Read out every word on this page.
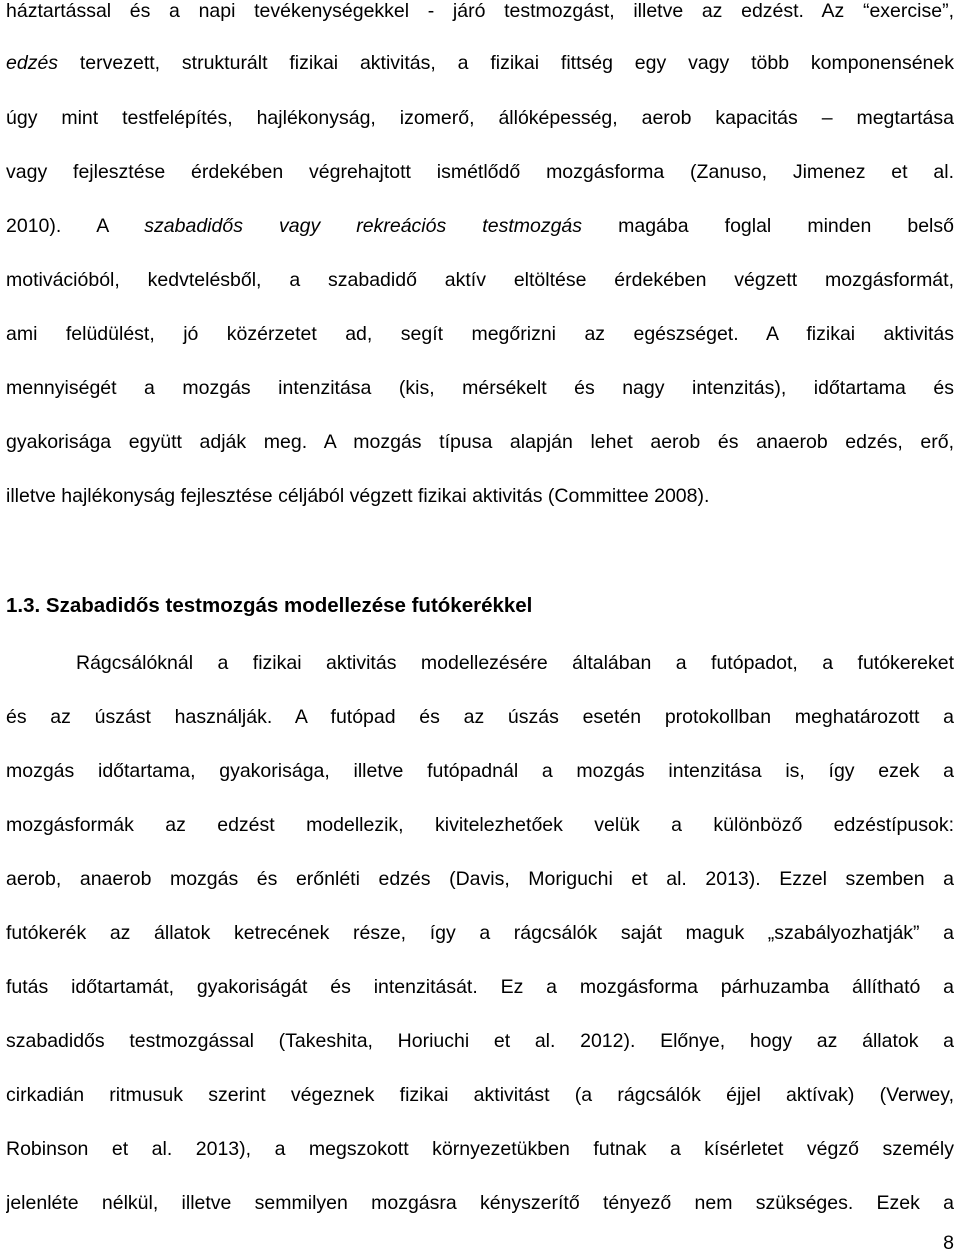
háztartással és a napi tevékenységekkel - járó testmozgást, illetve az edzést. Az “exercise”,
edzés tervezett, strukturált fizikai aktivitás, a fizikai fittség egy vagy több komponensének
úgy mint testfelépítés, hajlékonyság, izomerő, állóképesség, aerob kapacitás – megtartása
vagy fejlesztése érdekében végrehajtott ismétlődő mozgásforma (Zanuso, Jimenez et al.
2010). A szabadidős vagy rekreációs testmozgás magába foglal minden belső
motivációból, kedvtelésből, a szabadidő aktív eltöltése érdekében végzett mozgásformát,
ami felüdülést, jó közérzetet ad, segít megőrizni az egészséget. A fizikai aktivitás
mennyiségét a mozgás intenzitása (kis, mérsékelt és nagy intenzitás), időtartama és
gyakorisága együtt adják meg. A mozgás típusa alapján lehet aerob és anaerob edzés, erő,
illetve hajlékonyság fejlesztése céljából végzett fizikai aktivitás (Committee 2008).
1.3. Szabadidős testmozgás modellezése futókerékkel
Rágcsálóknál a fizikai aktivitás modellezésére általában a futópadot, a futókereket
és az úszást használják. A futópad és az úszás esetén protokollban meghatározott a
mozgás időtartama, gyakorisága, illetve futópadnál a mozgás intenzitása is, így ezek a
mozgásformák az edzést modellezik, kivitelezhetőek velük a különböző edzéstípusok:
aerob, anaerob mozgás és erőnléti edzés (Davis, Moriguchi et al. 2013). Ezzel szemben a
futókerék az állatok ketrecének része, így a rágcsálók saját maguk „szabályozhatják” a
futás időtartamát, gyakoriságát és intenzitását. Ez a mozgásforma párhuzamba állítható a
szabadidős testmozgással (Takeshita, Horiuchi et al. 2012). Előnye, hogy az állatok a
cirkadián ritmusuk szerint végeznek fizikai aktivitást (a rágcsálók éjjel aktívak) (Verwey,
Robinson et al. 2013), a megszokott környezetükben futnak a kísérletet végző személy
jelenléte nélkül, illetve semmilyen mozgásra kényszerítő tényező nem szükséges. Ezek a
8
